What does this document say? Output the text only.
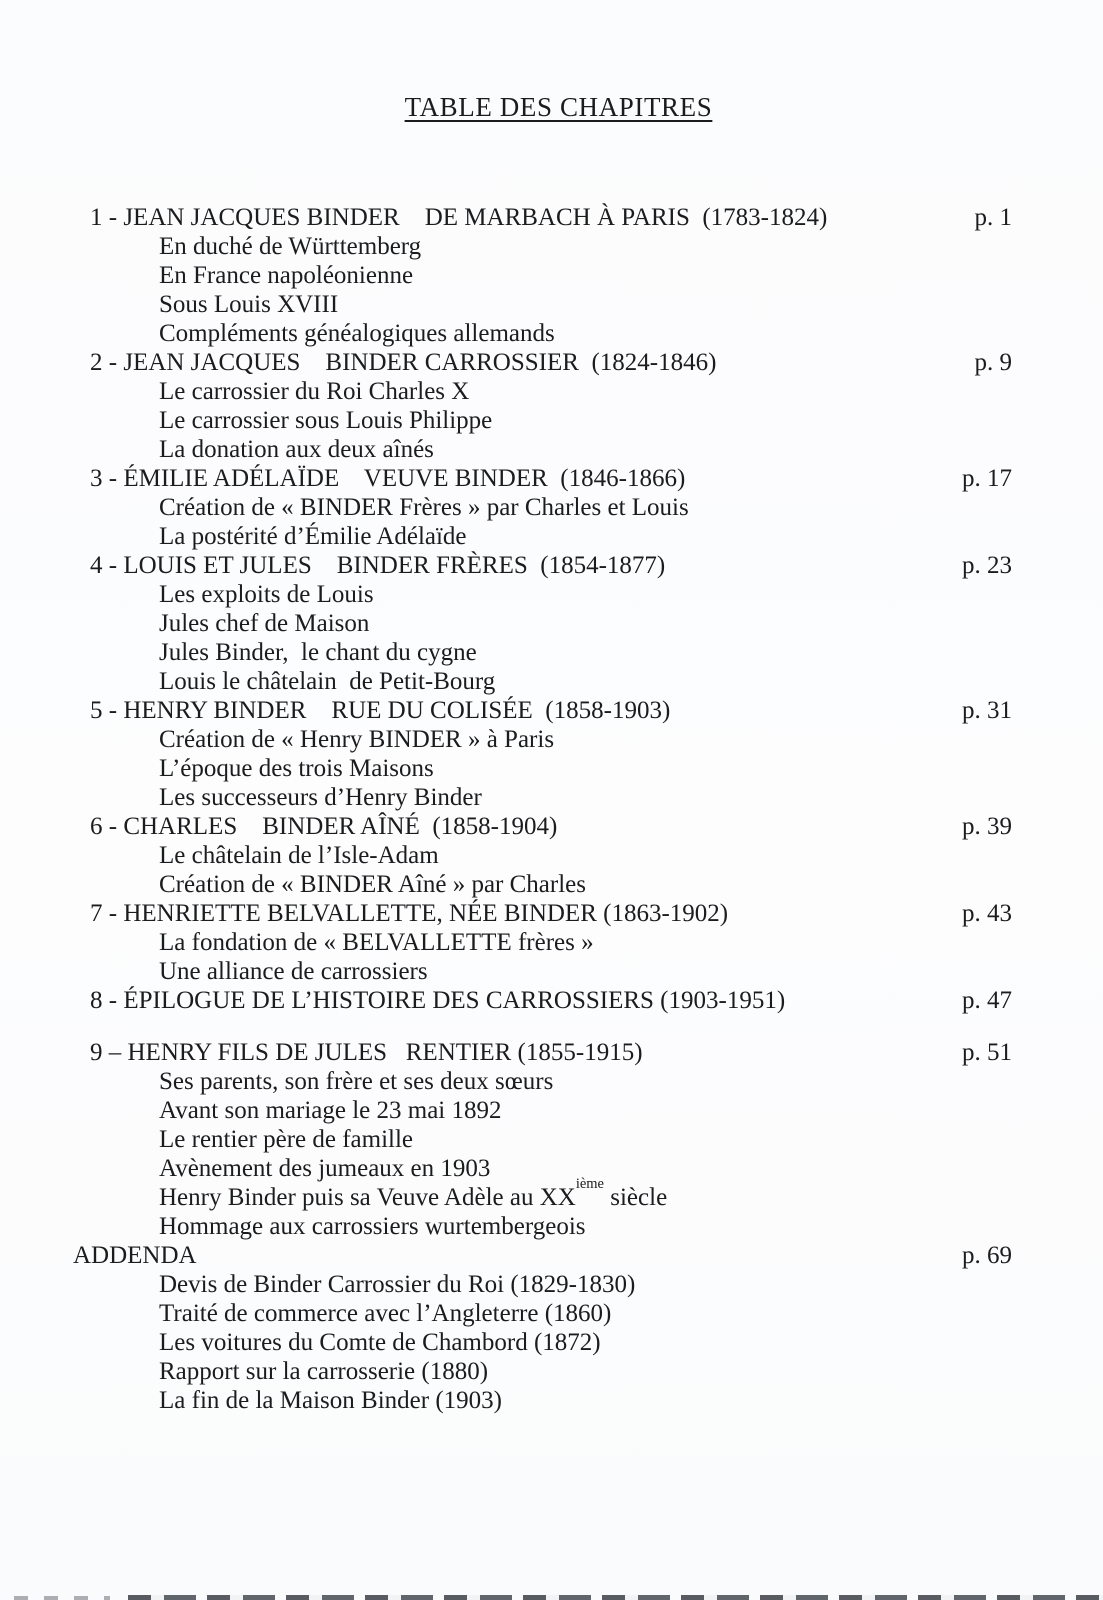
TABLE DES CHAPITRES
1 - JEAN JACQUES BINDER    DE MARBACH À PARIS  (1783-1824)	p. 1
En duché de Württemberg
En France napoléonienne
Sous Louis XVIII
Compléments généalogiques allemands
2 - JEAN JACQUES    BINDER CARROSSIER  (1824-1846)	p. 9
Le carrossier du Roi Charles X
Le carrossier sous Louis Philippe
La donation aux deux aînés
3 - ÉMILIE ADÉLAÏDE    VEUVE BINDER  (1846-1866)	p. 17
Création de « BINDER Frères » par Charles et Louis
La postérité d’Émilie Adélaïde
4 - LOUIS ET JULES    BINDER FRÈRES  (1854-1877)	p. 23
Les exploits de Louis
Jules chef de Maison
Jules Binder,  le chant du cygne
Louis le châtelain  de Petit-Bourg
5 - HENRY BINDER    RUE DU COLISÉE  (1858-1903)	p. 31
Création de « Henry BINDER » à Paris
L’époque des trois Maisons
Les successeurs d’Henry Binder
6 - CHARLES    BINDER AÎNÉ  (1858-1904)	p. 39
Le châtelain de l’Isle-Adam
Création de « BINDER Aîné » par Charles
7 - HENRIETTE BELVALLETTE, NÉE BINDER (1863-1902)	p. 43
La fondation de « BELVALLETTE frères »
Une alliance de carrossiers
8 - ÉPILOGUE DE L’HISTOIRE DES CARROSSIERS (1903-1951)	p. 47
9 – HENRY FILS DE JULES   RENTIER (1855-1915)	p. 51
Ses parents, son frère et ses deux sœurs
Avant son mariage le 23 mai 1892
Le rentier père de famille
Avènement des jumeaux en 1903
Henry Binder puis sa Veuve Adèle au XXième siècle
Hommage aux carrossiers wurtembergeois
ADDENDA	p. 69
Devis de Binder Carrossier du Roi (1829-1830)
Traité de commerce avec l’Angleterre (1860)
Les voitures du Comte de Chambord (1872)
Rapport sur la carrosserie (1880)
La fin de la Maison Binder (1903)
